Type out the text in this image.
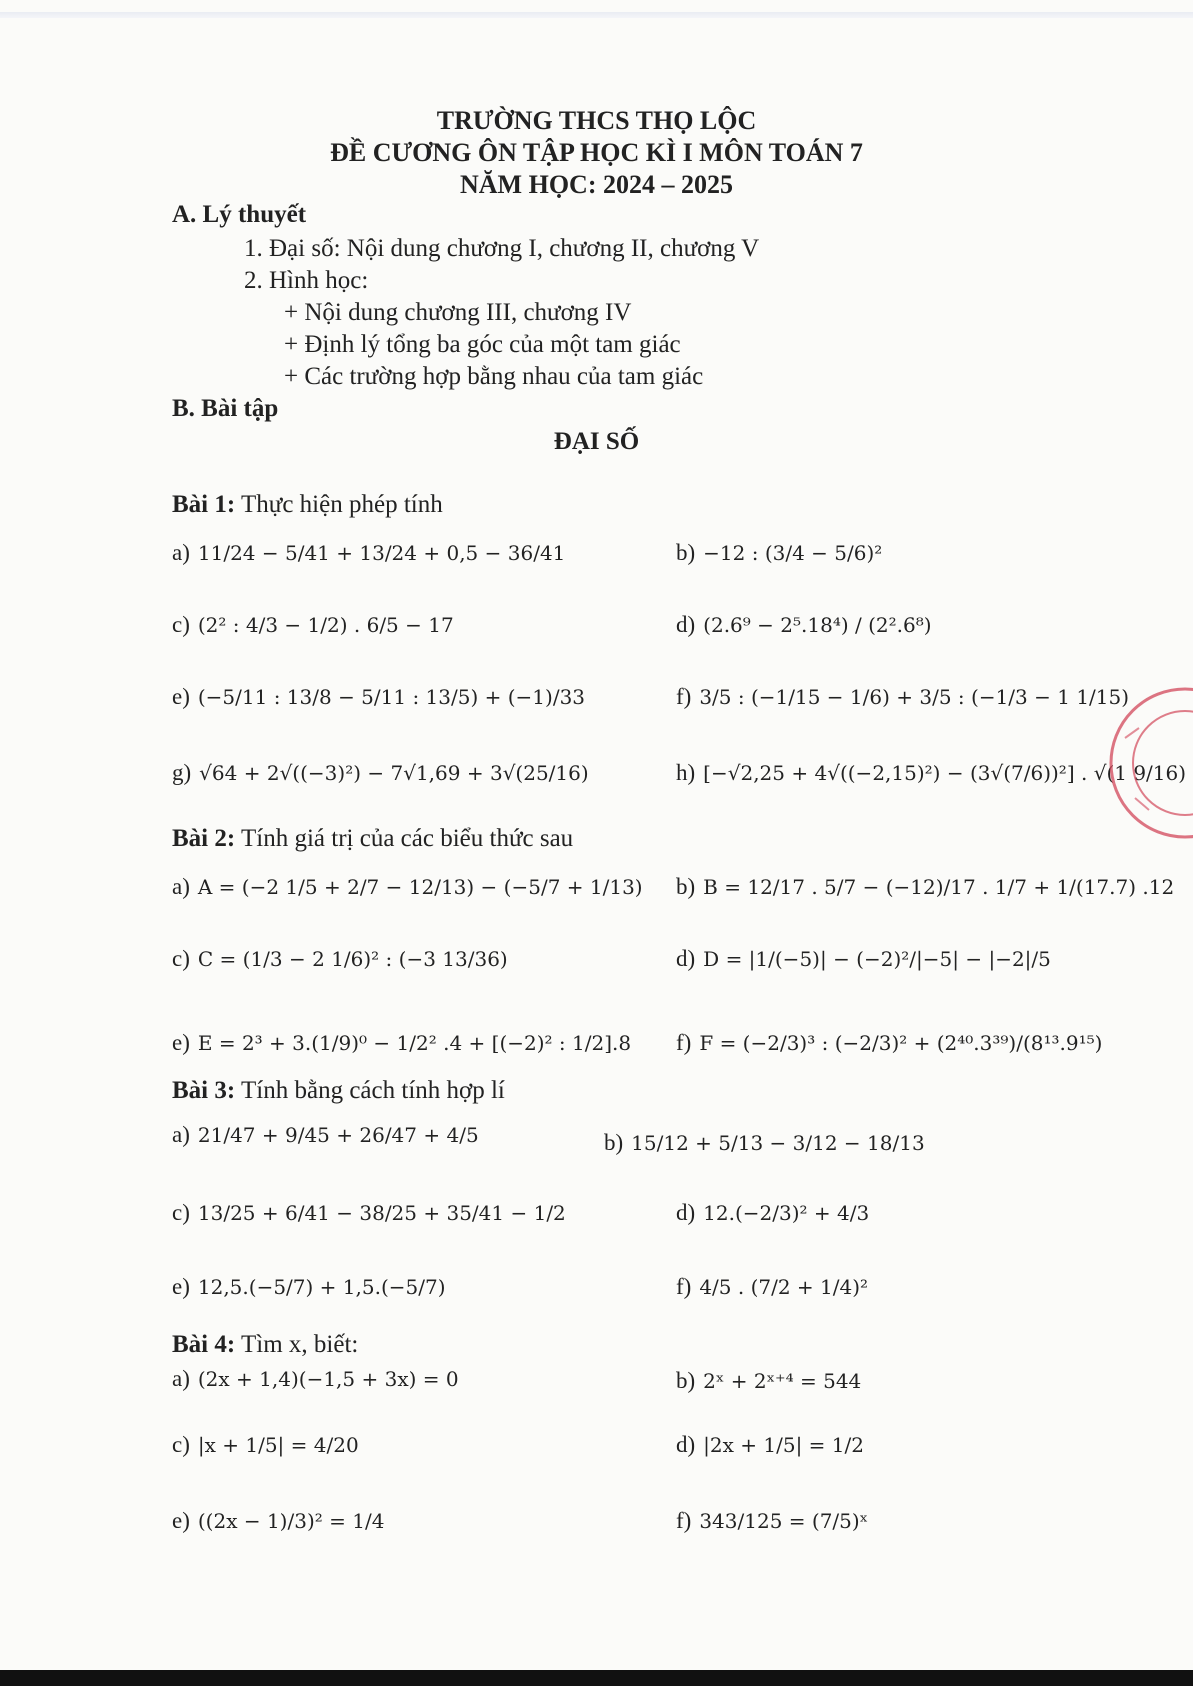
TRƯỜNG THCS THỌ LỘC
ĐỀ CƯƠNG ÔN TẬP HỌC KÌ I MÔN TOÁN 7
NĂM HỌC: 2024 – 2025
A. Lý thuyết
1. Đại số: Nội dung chương I, chương II, chương V
2. Hình học:
+ Nội dung chương III, chương IV
+ Định lý tổng ba góc của một tam giác
+ Các trường hợp bằng nhau của tam giác
B. Bài tập
ĐẠI SỐ
Bài 1: Thực hiện phép tính
a) 11/24 − 5/41 + 13/24 + 0,5 − 36/41	b) −12 : (3/4 − 5/6)²
c) (2² : 4/3 − 1/2) . 6/5 − 17	d) (2.6⁹ − 2⁵.18⁴) / (2².6⁸)
e) (−5/11 : 13/8 − 5/11 : 13/5) + (−1)/33	f) 3/5 : (−1/15 − 1/6) + 3/5 : (−1/3 − 1 1/15)
g) √64 + 2√((−3)²) − 7√1,69 + 3√(25/16)	h) [−√2,25 + 4√((−2,15)²) − (3√(7/6))²] . √(1 9/16)
Bài 2: Tính giá trị của các biểu thức sau
a) A = (−2 1/5 + 2/7 − 12/13) − (−5/7 + 1/13) b) B = 12/17 . 5/7 − (−12)/17 . 1/7 + 1/(17.7) .12
c) C = (1/3 − 2 1/6)² : (−3 13/36)	d) D = |1/(−5)| − (−2)²/|−5| − |−2|/5
e) E = 2³ + 3.(1/9)⁰ − 1/2² .4 + [(−2)² : 1/2].8 f) F = (−2/3)³ : (−2/3)² + (2⁴⁰.3³⁹)/(8¹³.9¹⁵)
Bài 3: Tính bằng cách tính hợp lí
a) 21/47 + 9/45 + 26/47 + 4/5	b) 15/12 + 5/13 − 3/12 − 18/13
c) 13/25 + 6/41 − 38/25 + 35/41 − 1/2	d) 12.(−2/3)² + 4/3
e) 12,5.(−5/7) + 1,5.(−5/7)	f) 4/5 . (7/2 + 1/4)²
Bài 4: Tìm x, biết:
a) (2x + 1,4)(−1,5 + 3x) = 0	b) 2ˣ + 2ˣ⁺⁴ = 544
c) |x + 1/5| = 4/20	d) |2x + 1/5| = 1/2
e) ((2x − 1)/3)² = 1/4	f) 343/125 = (7/5)ˣ
